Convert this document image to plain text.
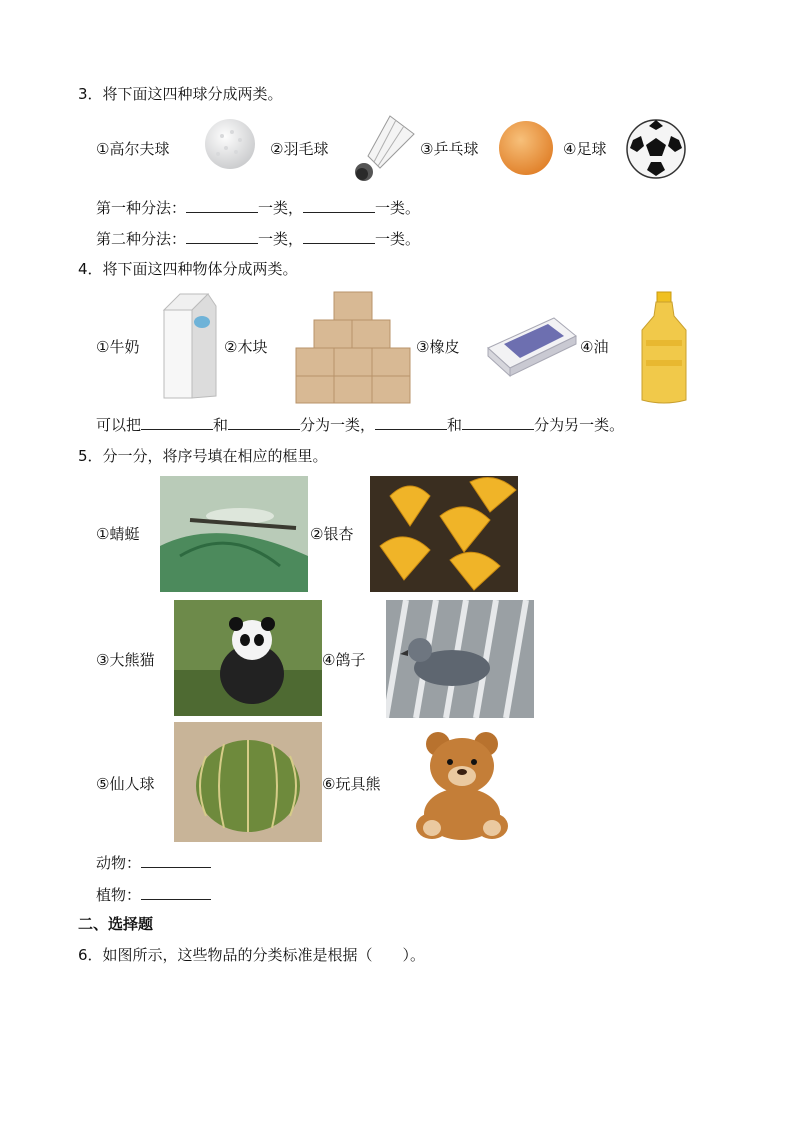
3．将下面这四种球分成两类。
①高尔夫球	②羽毛球	③乒乓球	④足球
第一种分法：	一类，	一类。
第二种分法：	一类，	一类。
4．将下面这四种物体分成两类。
①牛奶	②木块	③橡皮	④油
可以把	和	分为一类，	和	分为另一类。
5．分一分，将序号填在相应的框里。
①蜻蜓	②银杏
③大熊猫	④鸽子
⑤仙人球	⑥玩具熊
动物：
植物：
二、选择题
6．如图所示，这些物品的分类标准是根据（　　）。
